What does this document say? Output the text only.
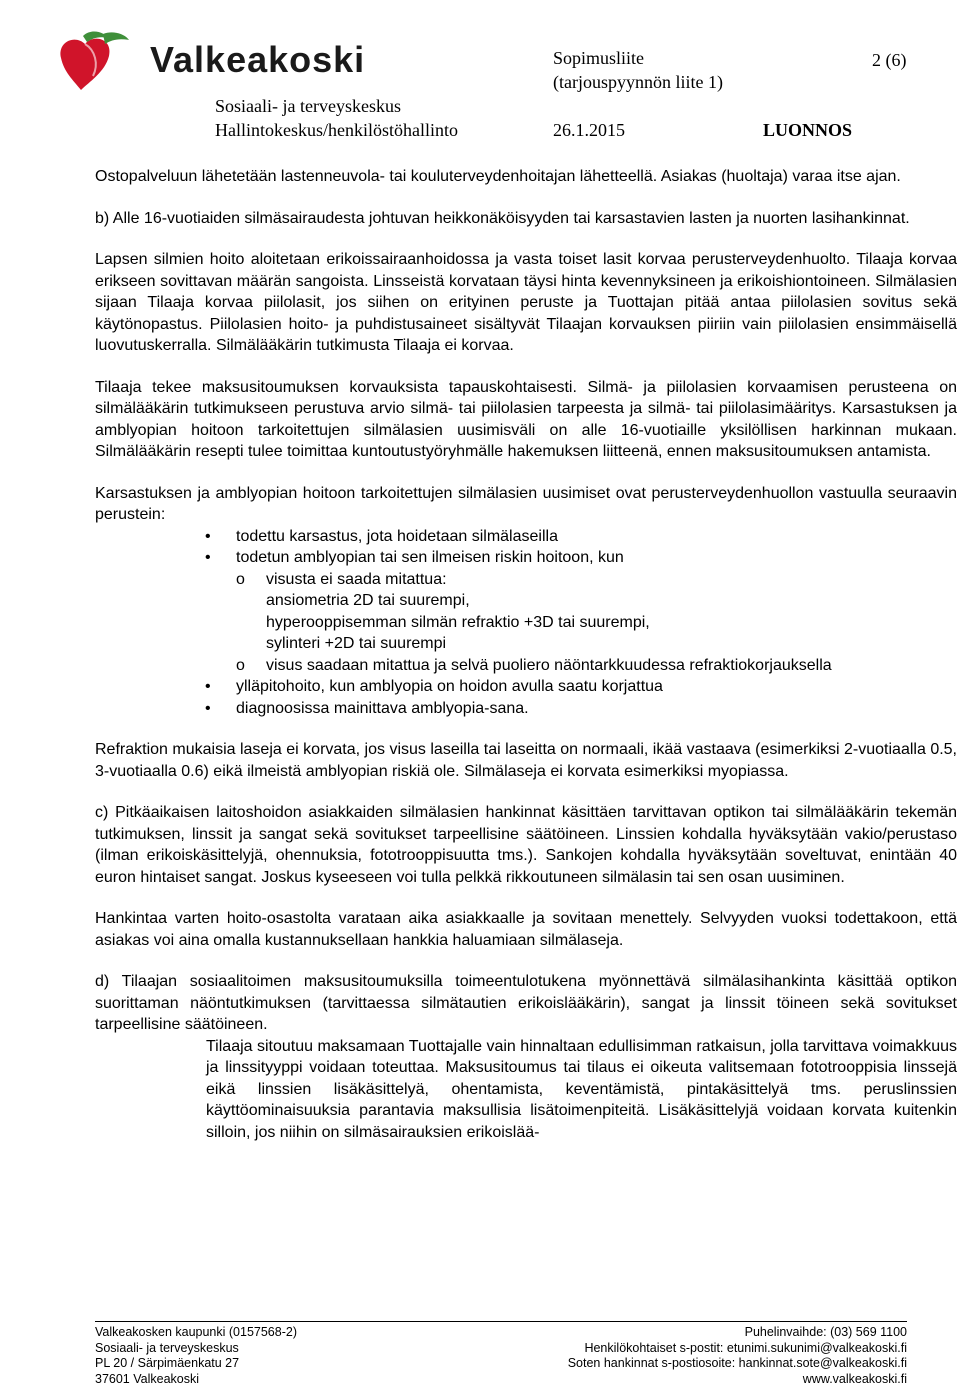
Valkeakoski
Sosiaali- ja terveyskeskus
Hallintokeskus/henkilöstöhallinto
Sopimusliite
(tarjouspyynnön liite 1)
2 (6)
26.1.2015	LUONNOS

Ostopalveluun lähetetään lastenneuvola- tai kouluterveydenhoitajan lähetteellä. Asiakas (huoltaja) varaa itse ajan.

b) Alle 16-vuotiaiden silmäsairaudesta johtuvan heikkonäköisyyden tai karsastavien lasten ja nuorten lasihankinnat.

Lapsen silmien hoito aloitetaan erikoissairaanhoidossa ja vasta toiset lasit korvaa perusterveydenhuolto. Tilaaja korvaa erikseen sovittavan määrän sangoista. Linsseistä korvataan täysi hinta kevennyksineen ja erikoishiontoineen. Silmälasien sijaan Tilaaja korvaa piilolasit, jos siihen on erityinen peruste ja Tuottajan pitää antaa piilolasien sovitus sekä käytönopastus. Piilolasien hoito- ja puhdistusaineet sisältyvät Tilaajan korvauksen piiriin vain piilolasien ensimmäisellä luovutuskerralla. Silmälääkärin tutkimusta Tilaaja ei korvaa.

Tilaaja tekee maksusitoumuksen korvauksista tapauskohtaisesti. Silmä- ja piilolasien korvaamisen perusteena on silmälääkärin tutkimukseen perustuva arvio silmä- tai piilolasien tarpeesta ja silmä- tai piilolasimääritys. Karsastuksen ja amblyopian hoitoon tarkoitettujen silmälasien uusimisväli on alle 16-vuotiaille yksilöllisen harkinnan mukaan. Silmälääkärin resepti tulee toimittaa kuntoutustyöryhmälle hakemuksen liitteenä, ennen maksusitoumuksen antamista.

Karsastuksen ja amblyopian hoitoon tarkoitettujen silmälasien uusimiset ovat perusterveydenhuollon vastuulla seuraavin perustein:

• todettu karsastus, jota hoidetaan silmälaseilla
• todetun amblyopian tai sen ilmeisen riskin hoitoon, kun
o visusta ei saada mitattua:
ansiometria 2D tai suurempi,
hyperooppisemman silmän refraktio +3D tai suurempi,
sylinteri +2D tai suurempi
o visus saadaan mitattua ja selvä puoliero näöntarkkuudessa refraktiokorjauksella
• ylläpitohoito, kun amblyopia on hoidon avulla saatu korjattua
• diagnoosissa mainittava amblyopia-sana.

Refraktion mukaisia laseja ei korvata, jos visus laseilla tai laseitta on normaali, ikää vastaava (esimerkiksi 2-vuotiaalla 0.5, 3-vuotiaalla 0.6) eikä ilmeistä amblyopian riskiä ole. Silmälaseja ei korvata esimerkiksi myopiassa.

c) Pitkäaikaisen laitoshoidon asiakkaiden silmälasien hankinnat käsittäen tarvittavan optikon tai silmälääkärin tekemän tutkimuksen, linssit ja sangat sekä sovitukset tarpeellisine säätöineen. Linssien kohdalla hyväksytään vakio/perustaso (ilman erikoiskäsittelyjä, ohennuksia, fototrooppisuutta tms.). Sankojen kohdalla hyväksytään soveltuvat, enintään 40 euron hintaiset sangat. Joskus kyseeseen voi tulla pelkkä rikkoutuneen silmälasin tai sen osan uusiminen.

Hankintaa varten hoito-osastolta varataan aika asiakkaalle ja sovitaan menettely. Selvyyden vuoksi todettakoon, että asiakas voi aina omalla kustannuksellaan hankkia haluamiaan silmälaseja.

d) Tilaajan sosiaalitoimen maksusitoumuksilla toimeentulotukena myönnettävä silmälasihankinta käsittää optikon suorittaman näöntutkimuksen (tarvittaessa silmätautien erikoislääkärin), sangat ja linssit töineen sekä sovitukset tarpeellisine säätöineen.

Tilaaja sitoutuu maksamaan Tuottajalle vain hinnaltaan edullisimman ratkaisun, jolla tarvittava voimakkuus ja linssityyppi voidaan toteuttaa. Maksusitoumus tai tilaus ei oikeuta valitsemaan fototrooppisia linssejä eikä linssien lisäkäsittelyä, ohentamista, keventämistä, pintakäsittelyä tms. peruslinssien käyttöominaisuuksia parantavia maksullisia lisätoimenpiteitä. Lisäkäsittelyjä voidaan korvata kuitenkin silloin, jos niihin on silmäsairauksien erikoislää-

Valkeakosken kaupunki (0157568-2)	Puhelinvaihde: (03) 569 1100
Sosiaali- ja terveyskeskus	Henkilökohtaiset s-postit: etunimi.sukunimi@valkeakoski.fi
PL 20 / Särpimäenkatu 27	Soten hankinnat s-postiosoite: hankinnat.sote@valkeakoski.fi
37601 Valkeakoski	www.valkeakoski.fi
